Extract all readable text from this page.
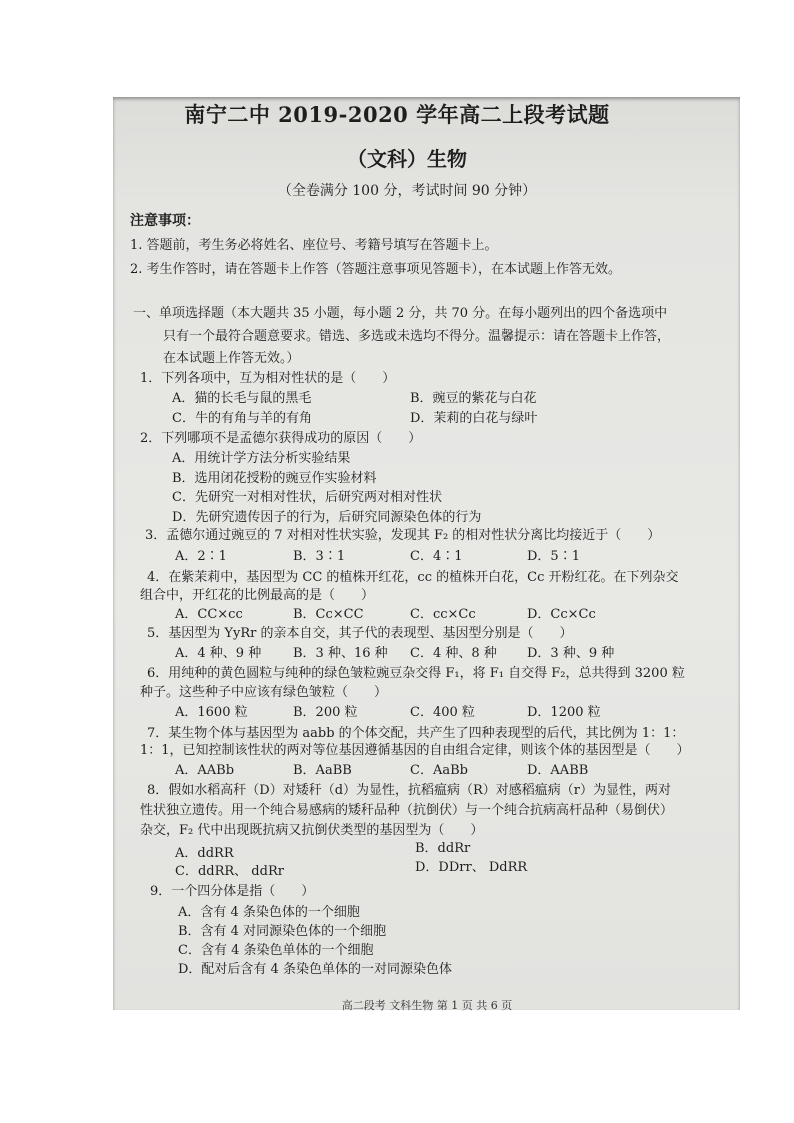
南宁二中 2019-2020 学年高二上段考试题
（文科）生物
（全卷满分 100 分，考试时间 90 分钟）
注意事项：
1. 答题前，考生务必将姓名、座位号、考籍号填写在答题卡上。
2. 考生作答时，请在答题卡上作答（答题注意事项见答题卡），在本试题上作答无效。
一、单项选择题（本大题共 35 小题，每小题 2 分，共 70 分。在每小题列出的四个备选项中
只有一个最符合题意要求。错选、多选或未选均不得分。温馨提示：请在答题卡上作答，
在本试题上作答无效。）
1．下列各项中，互为相对性状的是（　　）
A．猫的长毛与鼠的黑毛	B．豌豆的紫花与白花
C．牛的有角与羊的有角	D．茉莉的白花与绿叶
2．下列哪项不是孟德尔获得成功的原因（　　）
A．用统计学方法分析实验结果
B．选用闭花授粉的豌豆作实验材料
C．先研究一对相对性状，后研究两对相对性状
D．先研究遗传因子的行为，后研究同源染色体的行为
3．孟德尔通过豌豆的 7 对相对性状实验，发现其 F₂ 的相对性状分离比均接近于（　　）
A．2∶1	B．3∶1	C．4∶1	D．5∶1
4．在紫茉莉中，基因型为 CC 的植株开红花，cc 的植株开白花，Cc 开粉红花。在下列杂交
组合中，开红花的比例最高的是（　　）
A．CC×cc	B．Cc×CC	C．cc×Cc	D．Cc×Cc
5．基因型为 YyRr 的亲本自交，其子代的表现型、基因型分别是（　　）
A．4 种、9 种 B．3 种、16 种 C．4 种、8 种 D．3 种、9 种
6．用纯种的黄色圆粒与纯种的绿色皱粒豌豆杂交得 F₁，将 F₁ 自交得 F₂，总共得到 3200 粒
种子。这些种子中应该有绿色皱粒（　　）
A．1600 粒	B．200 粒	C．400 粒	D．1200 粒
7．某生物个体与基因型为 aabb 的个体交配，共产生了四种表现型的后代，其比例为 1：1：
1：1，已知控制该性状的两对等位基因遵循基因的自由组合定律，则该个体的基因型是（　　）
A．AABb	B．AaBB	C．AaBb	D．AABB
8．假如水稻高秆（D）对矮秆（d）为显性，抗稻瘟病（R）对感稻瘟病（r）为显性，两对
性状独立遗传。用一个纯合易感病的矮秆品种（抗倒伏）与一个纯合抗病高杆品种（易倒伏）
杂交，F₂ 代中出现既抗病又抗倒伏类型的基因型为（　　）
A．ddRR	B．ddRr
C．ddRR、 ddRr	D．DDrr、 DdRR
9．一个四分体是指（　　）
A．含有 4 条染色体的一个细胞
B．含有 4 对同源染色体的一个细胞
C．含有 4 条染色单体的一个细胞
D．配对后含有 4 条染色单体的一对同源染色体
高二段考 文科生物 第 1 页 共 6 页
